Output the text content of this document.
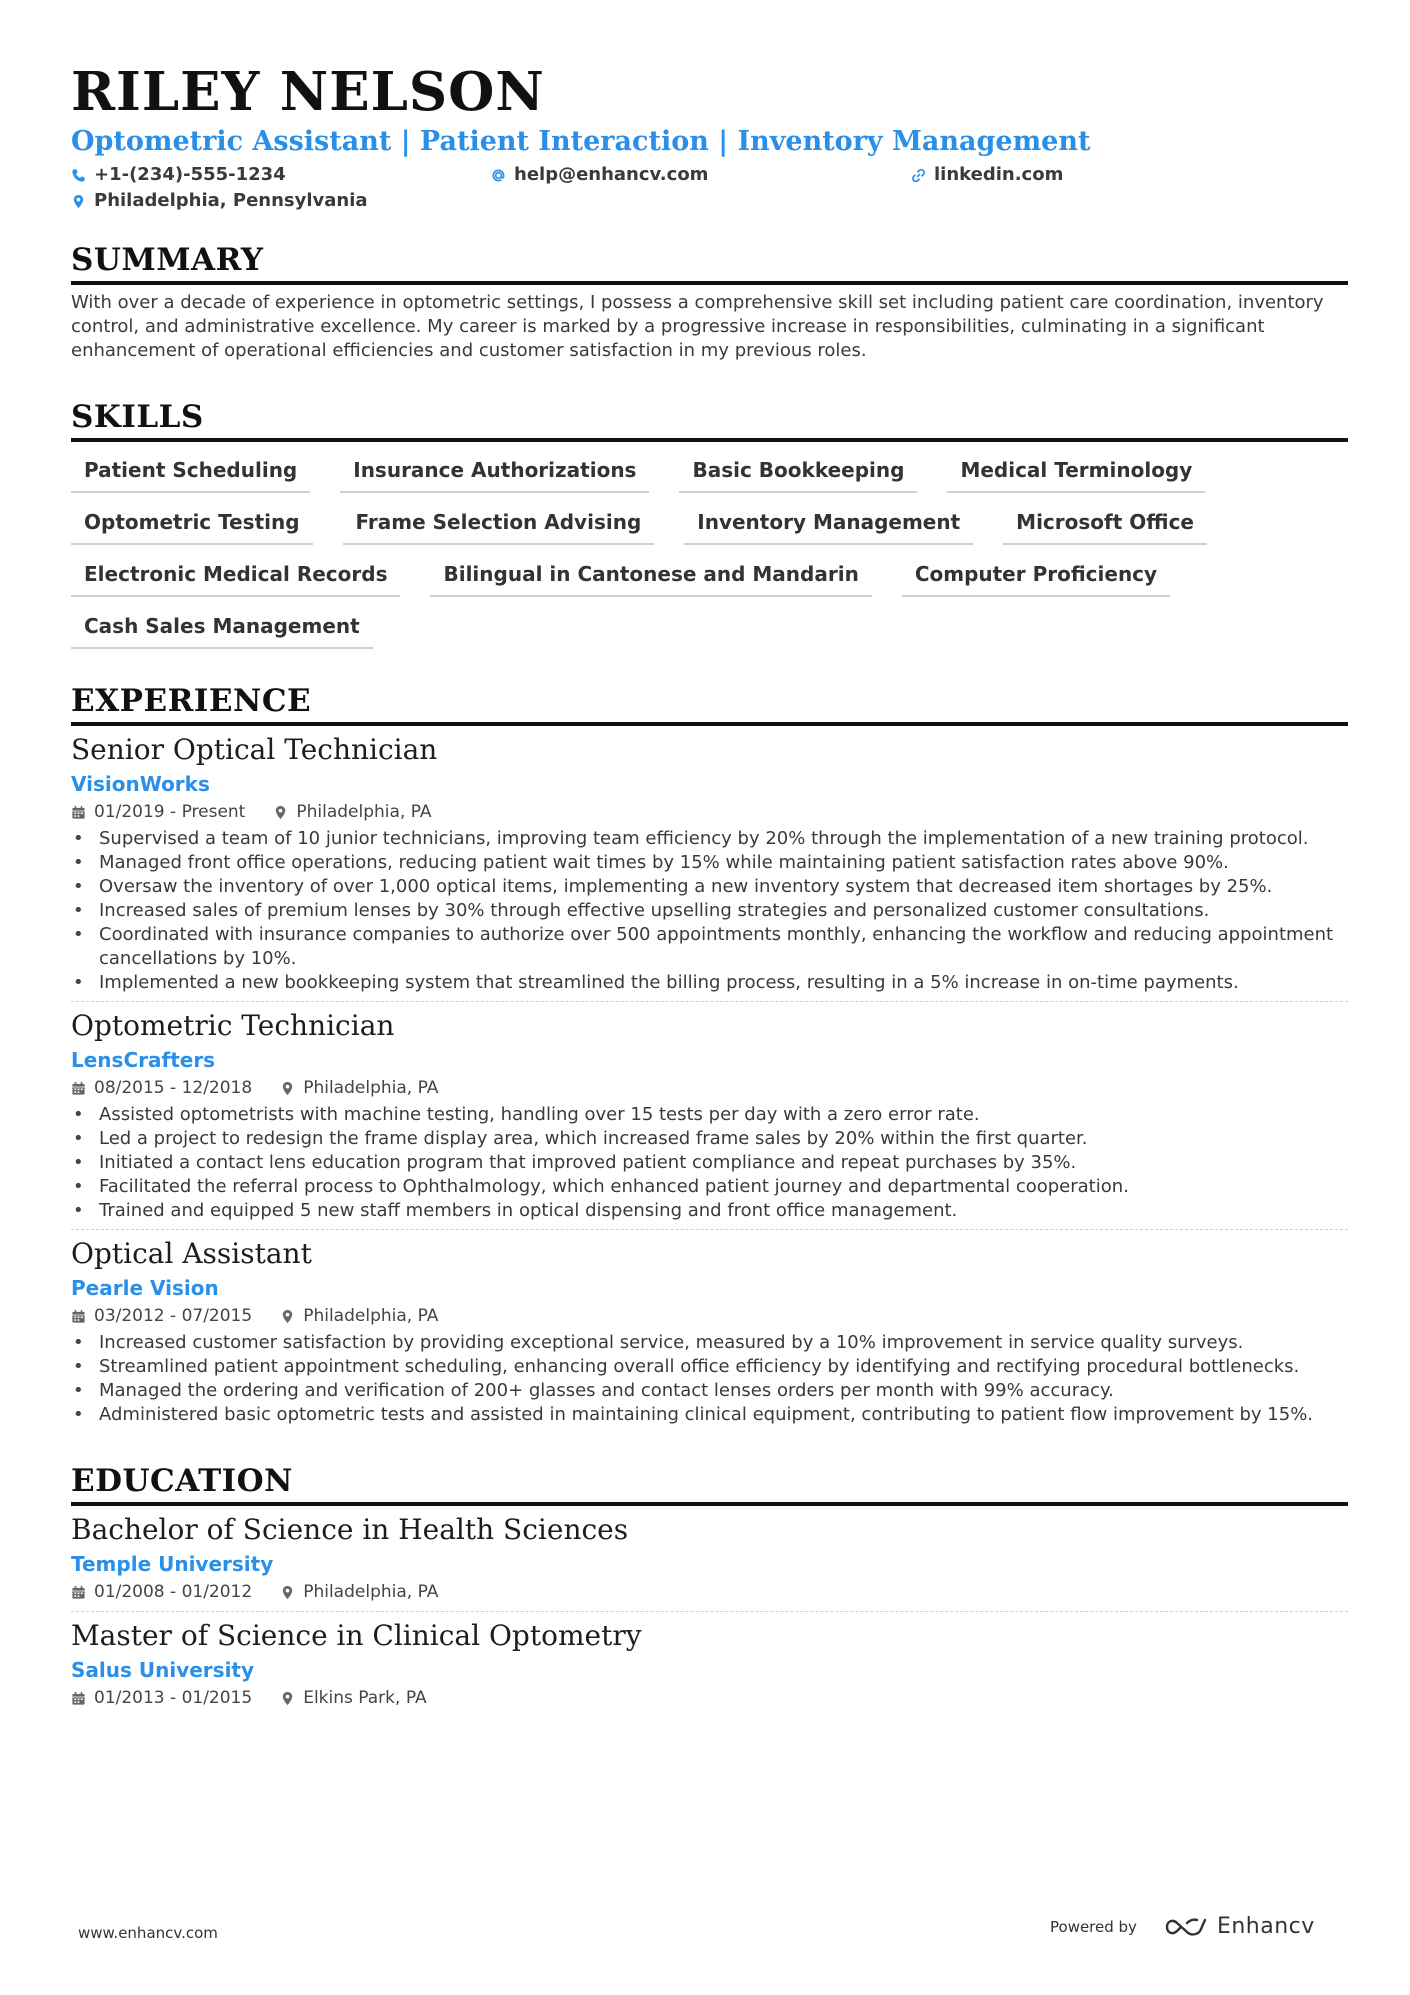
RILEY NELSON
Optometric Assistant | Patient Interaction | Inventory Management
+1-(234)-555-1234	help@enhancv.com	linkedin.com
Philadelphia, Pennsylvania
SUMMARY
With over a decade of experience in optometric settings, I possess a comprehensive skill set including patient care coordination, inventory control, and administrative excellence. My career is marked by a progressive increase in responsibilities, culminating in a significant enhancement of operational efficiencies and customer satisfaction in my previous roles.
SKILLS
Patient Scheduling	Insurance Authorizations	Basic Bookkeeping	Medical Terminology
Optometric Testing	Frame Selection Advising	Inventory Management	Microsoft Office
Electronic Medical Records	Bilingual in Cantonese and Mandarin	Computer Proficiency
Cash Sales Management
EXPERIENCE
Senior Optical Technician
VisionWorks
01/2019 - Present	Philadelphia, PA
• Supervised a team of 10 junior technicians, improving team efficiency by 20% through the implementation of a new training protocol.
• Managed front office operations, reducing patient wait times by 15% while maintaining patient satisfaction rates above 90%.
• Oversaw the inventory of over 1,000 optical items, implementing a new inventory system that decreased item shortages by 25%.
• Increased sales of premium lenses by 30% through effective upselling strategies and personalized customer consultations.
• Coordinated with insurance companies to authorize over 500 appointments monthly, enhancing the workflow and reducing appointment cancellations by 10%.
• Implemented a new bookkeeping system that streamlined the billing process, resulting in a 5% increase in on-time payments.
Optometric Technician
LensCrafters
08/2015 - 12/2018	Philadelphia, PA
• Assisted optometrists with machine testing, handling over 15 tests per day with a zero error rate.
• Led a project to redesign the frame display area, which increased frame sales by 20% within the first quarter.
• Initiated a contact lens education program that improved patient compliance and repeat purchases by 35%.
• Facilitated the referral process to Ophthalmology, which enhanced patient journey and departmental cooperation.
• Trained and equipped 5 new staff members in optical dispensing and front office management.
Optical Assistant
Pearle Vision
03/2012 - 07/2015	Philadelphia, PA
• Increased customer satisfaction by providing exceptional service, measured by a 10% improvement in service quality surveys.
• Streamlined patient appointment scheduling, enhancing overall office efficiency by identifying and rectifying procedural bottlenecks.
• Managed the ordering and verification of 200+ glasses and contact lenses orders per month with 99% accuracy.
• Administered basic optometric tests and assisted in maintaining clinical equipment, contributing to patient flow improvement by 15%.
EDUCATION
Bachelor of Science in Health Sciences
Temple University
01/2008 - 01/2012	Philadelphia, PA
Master of Science in Clinical Optometry
Salus University
01/2013 - 01/2015	Elkins Park, PA
www.enhancv.com	Powered by	Enhancv
